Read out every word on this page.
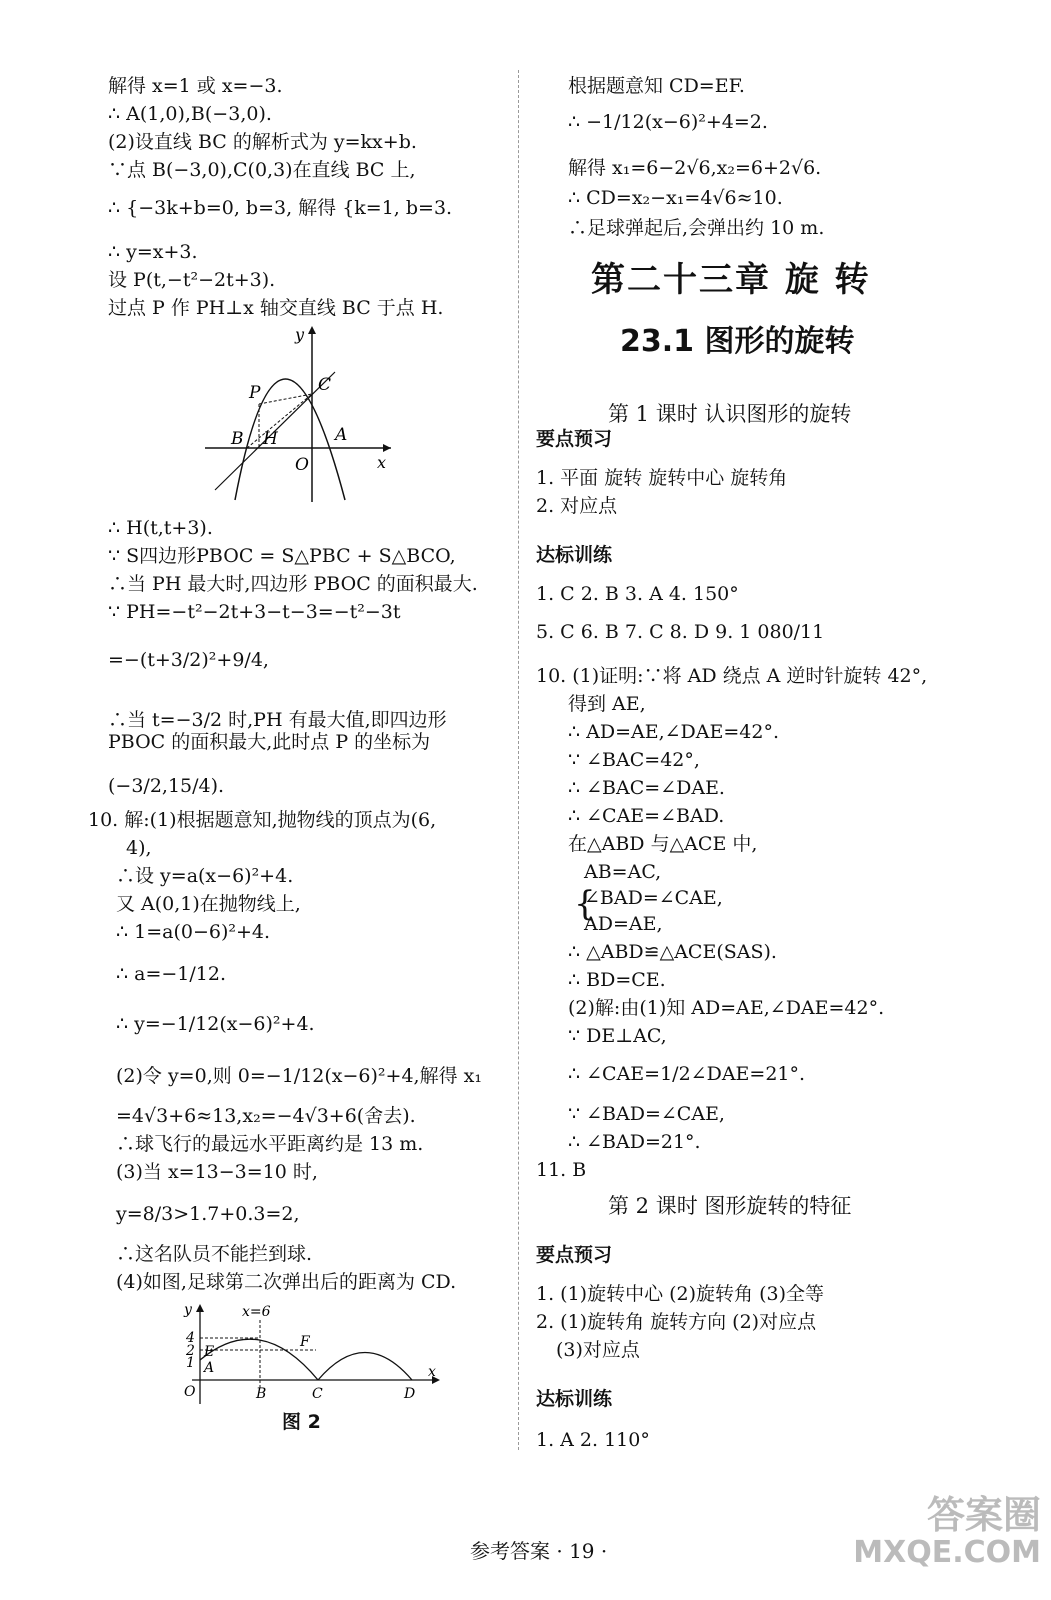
解得 x=1 或 x=−3.
∴ A(1,0),B(−3,0).
(2)设直线 BC 的解析式为 y=kx+b.
∵点 B(−3,0),C(0,3)在直线 BC 上,
∴ {−3k+b=0, b=3, 解得 {k=1, b=3.
∴ y=x+3.
设 P(t,−t²−2t+3).
过点 P 作 PH⊥x 轴交直线 BC 于点 H.
y
P	C
B H	A
O	x
∴ H(t,t+3).
∵ S四边形PBOC = S△PBC + S△BCO,
∴当 PH 最大时,四边形 PBOC 的面积最大.
∵ PH=−t²−2t+3−t−3=−t²−3t
=−(t+3/2)²+9/4,
∴当 t=−3/2 时,PH 有最大值,即四边形
PBOC 的面积最大,此时点 P 的坐标为
(−3/2,15/4).
10. 解:(1)根据题意知,抛物线的顶点为(6,
4),
∴设 y=a(x−6)²+4.
又 A(0,1)在抛物线上,
∴ 1=a(0−6)²+4.
∴ a=−1/12.
∴ y=−1/12(x−6)²+4.
(2)令 y=0,则 0=−1/12(x−6)²+4,解得 x₁
=4√3+6≈13,x₂=−4√3+6(舍去).
∴球飞行的最远水平距离约是 13 m.
(3)当 x=13−3=10 时,
y=8/3>1.7+0.3=2,
∴这名队员不能拦到球.
(4)如图,足球第二次弹出后的距离为 CD.
y	x=6
4
2
1
E
A
F
O	B	C	D
x
图 2
根据题意知 CD=EF.
∴ −1/12(x−6)²+4=2.
解得 x₁=6−2√6,x₂=6+2√6.
∴ CD=x₂−x₁=4√6≈10.
∴足球弹起后,会弹出约 10 m.
第二十三章 旋 转
23.1 图形的旋转
第 1 课时 认识图形的旋转
要点预习
1. 平面 旋转 旋转中心 旋转角
2. 对应点
达标训练
1. C 2. B 3. A 4. 150°
5. C 6. B 7. C 8. D 9. 1 080/11
10. (1)证明:∵将 AD 绕点 A 逆时针旋转 42°,
得到 AE,
∴ AD=AE,∠DAE=42°.
∵ ∠BAC=42°,
∴ ∠BAC=∠DAE.
∴ ∠CAE=∠BAD.
在△ABD 与△ACE 中,
{
AB=AC,
∠BAD=∠CAE,
AD=AE,
∴ △ABD≌△ACE(SAS).
∴ BD=CE.
(2)解:由(1)知 AD=AE,∠DAE=42°.
∵ DE⊥AC,
∴ ∠CAE=1/2∠DAE=21°.
∵ ∠BAD=∠CAE,
∴ ∠BAD=21°.
11. B
第 2 课时 图形旋转的特征
要点预习
1. (1)旋转中心 (2)旋转角 (3)全等
2. (1)旋转角 旋转方向 (2)对应点
(3)对应点
达标训练
1. A 2. 110°
参考答案 · 19 ·
答案圈
MXQE.COM
